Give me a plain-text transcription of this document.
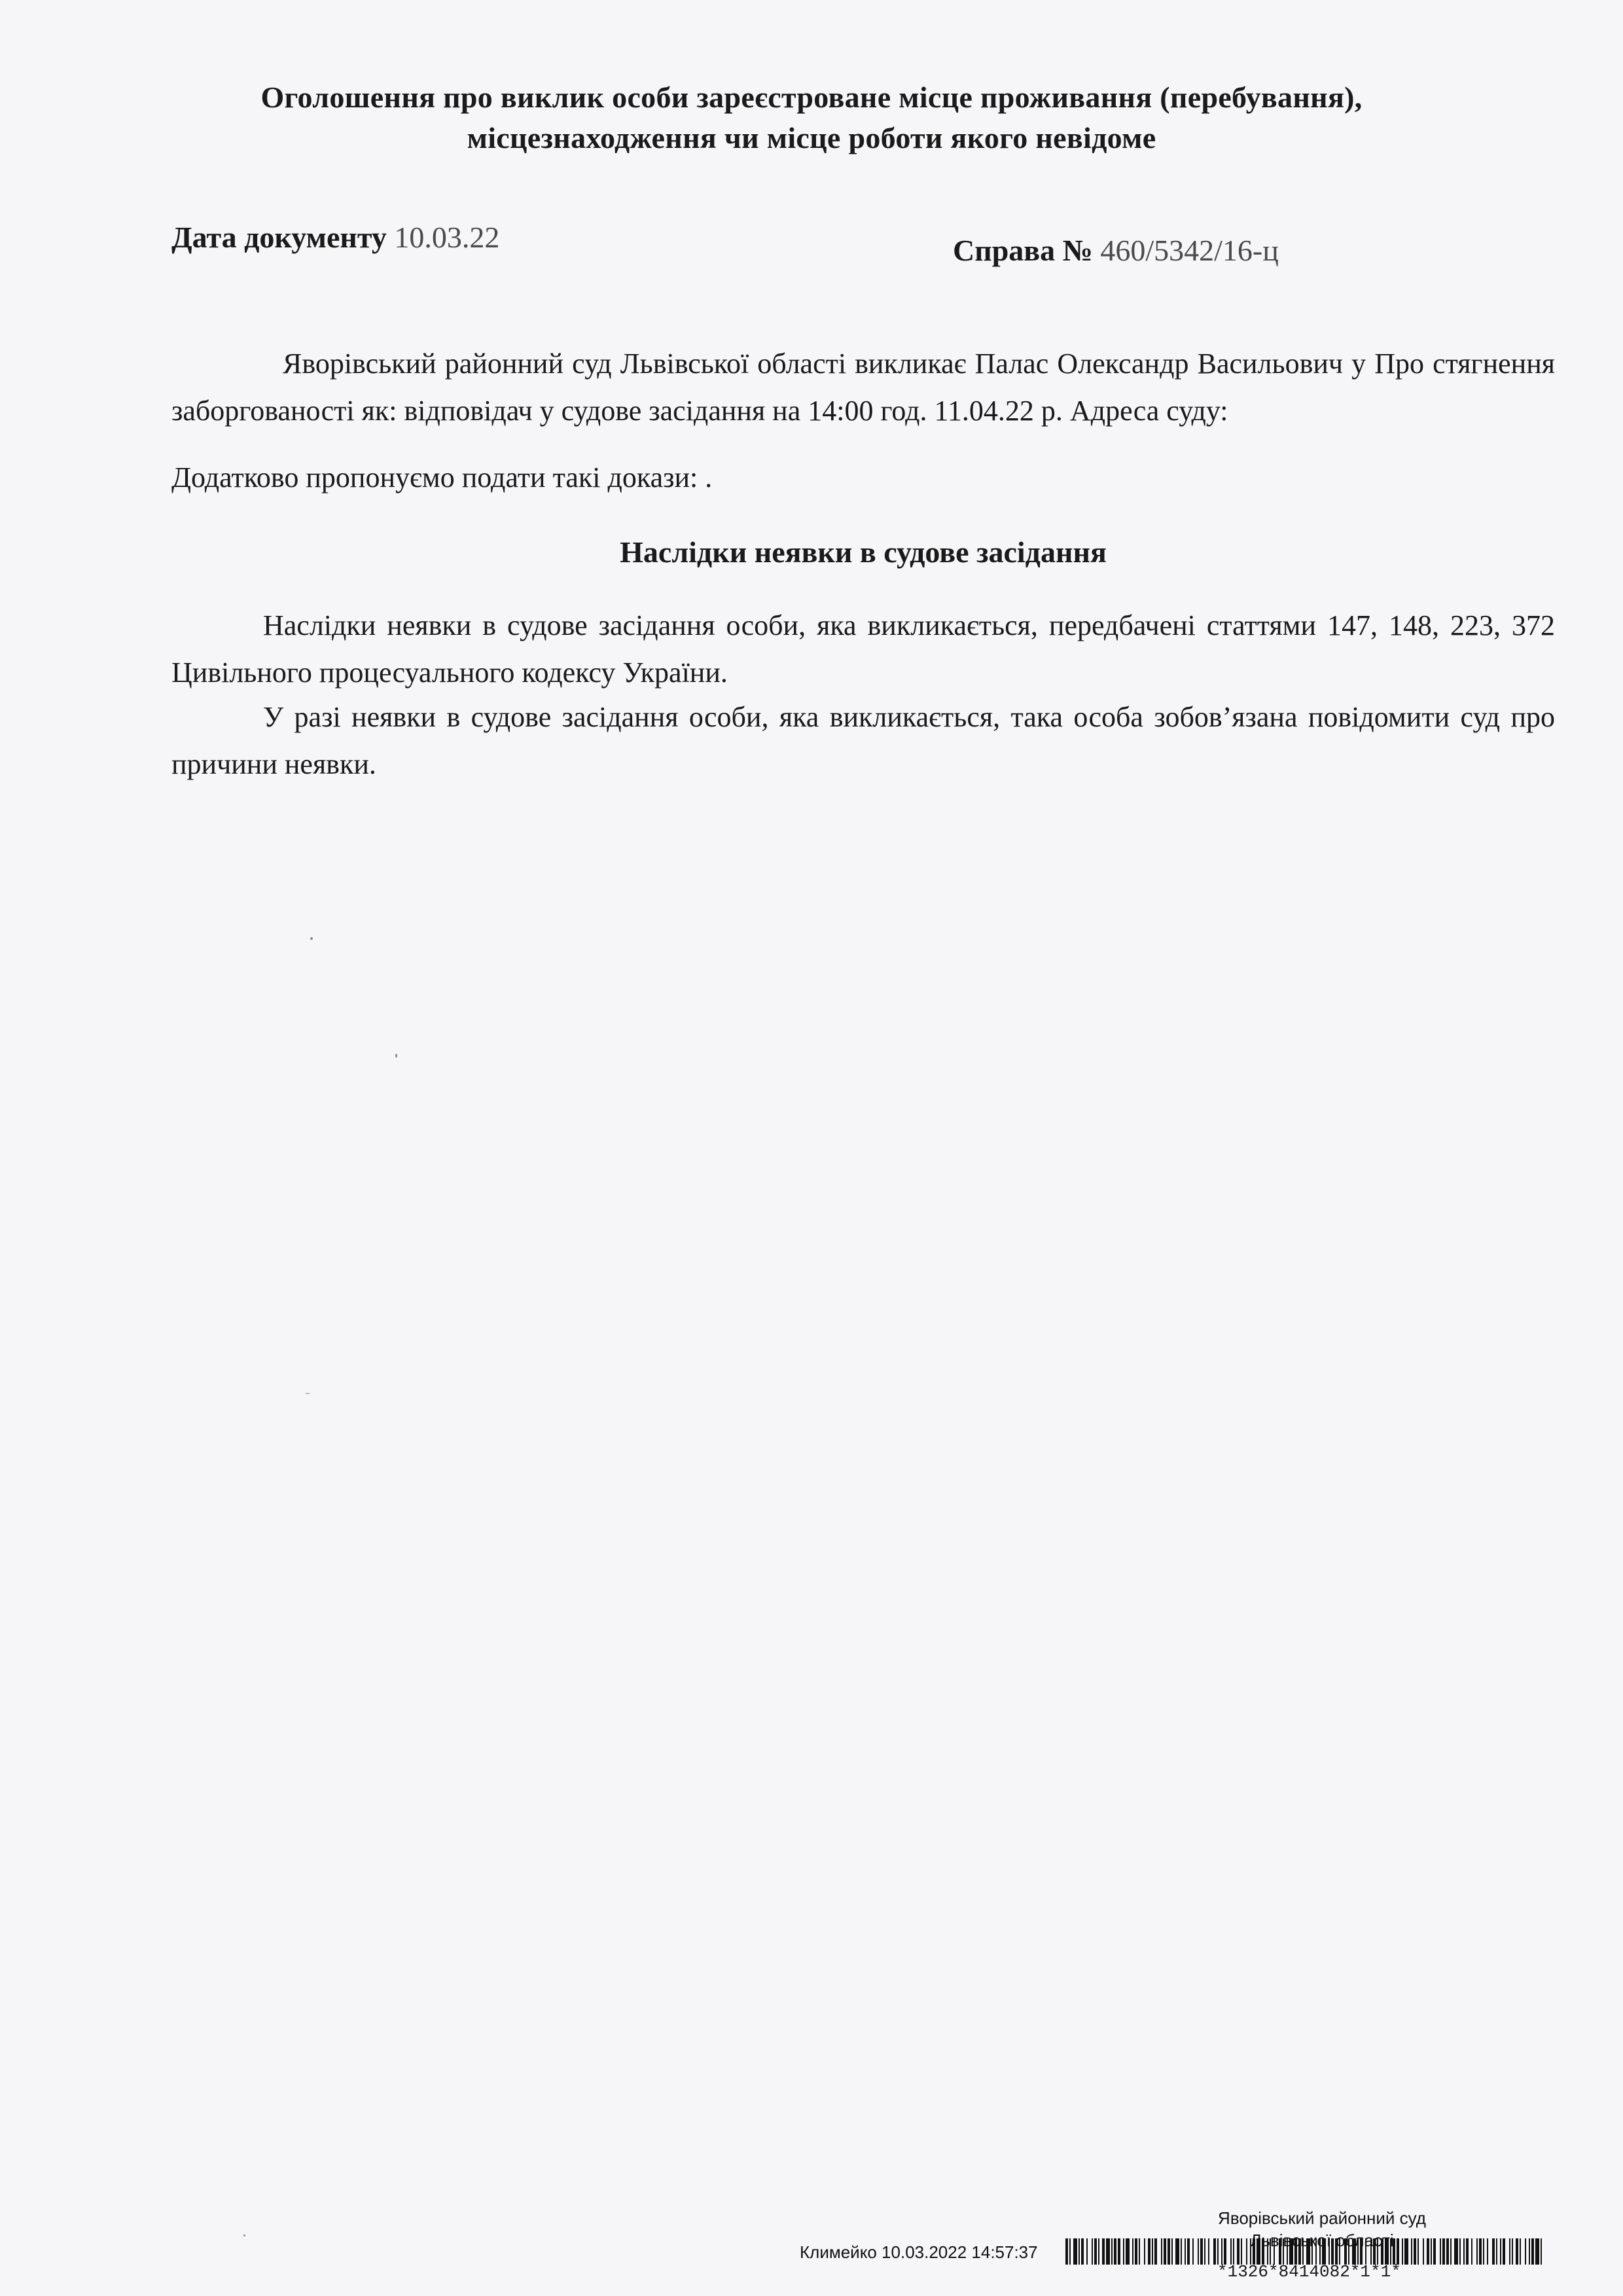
Оголошення про виклик особи зареєстроване місце проживання (перебування),
місцезнаходження чи місце роботи якого невідоме
Дата документу 10.03.22	Справа № 460/5342/16-ц
Яворівський районний суд Львівської області викликає Палас Олександр Васильович у Про стягнення заборгованості як: відповідач у судове засідання на 14:00 год. 11.04.22 р. Адреса суду:
Додатково пропонуємо подати такі докази: .
Наслідки неявки в судове засідання
Наслідки неявки в судове засідання особи, яка викликається, передбачені статтями 147, 148, 223, 372 Цивільного процесуального кодексу України.
У разі неявки в судове засідання особи, яка викликається, така особа зобов’язана повідомити суд про причини неявки.
Яворівський районний суд
області
Климейко 10.03.2022 14:57:37
*1326*8414082*1*1*
